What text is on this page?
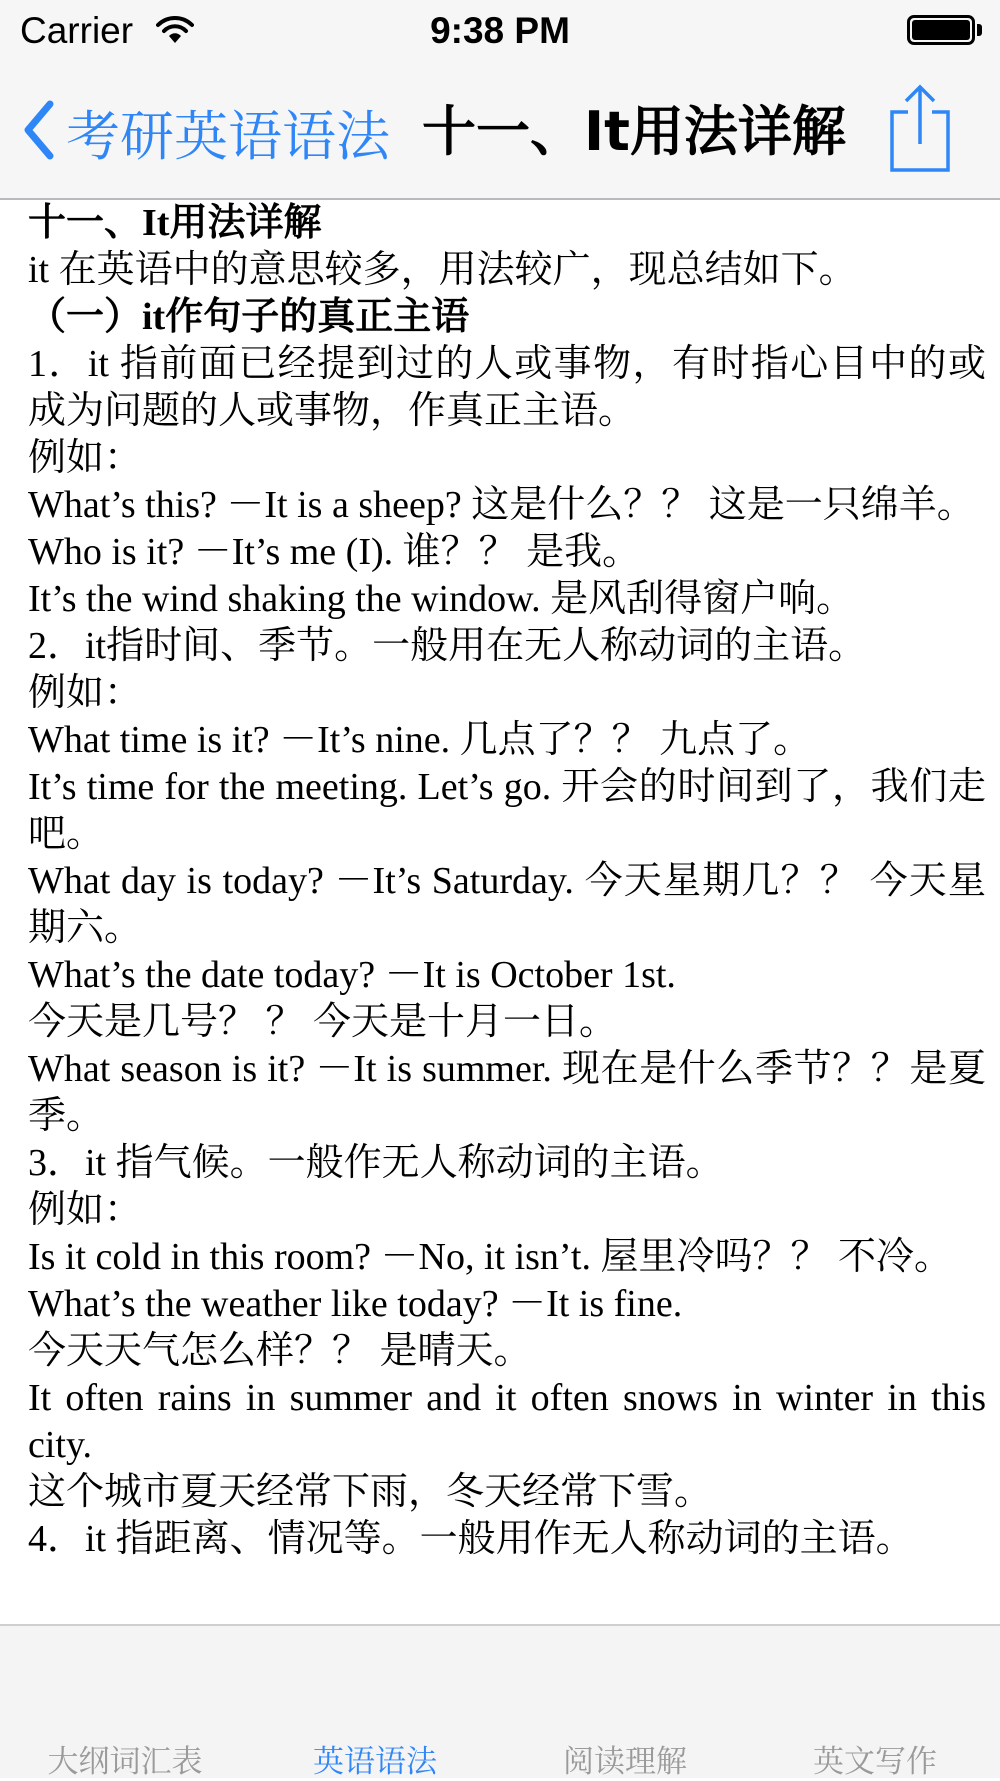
Carrier	9:38 PM
考研英语语法 十一、It用法详解

十一、It用法详解

it 在英语中的意思较多，用法较广，现总结如下。

（一）it作句子的真正主语

1．it 指前面已经提到过的人或事物，有时指心目中的或成为问题的人或事物，作真正主语。

例如：

What’s this? －It is a sheep? 这是什么？？ 这是一只绵羊。

Who is it? －It’s me (I). 谁？？ 是我。

It’s the wind shaking the window. 是风刮得窗户响。

2．it指时间、季节。一般用在无人称动词的主语。

例如：

What time is it? －It’s nine. 几点了？？ 九点了。

It’s time for the meeting. Let’s go. 开会的时间到了，我们走吧。

What day is today? －It’s Saturday. 今天星期几？？ 今天星期六。

What’s the date today? －It is October 1st.

今天是几号？ ？ 今天是十月一日。

What season is it? －It is summer. 现在是什么季节？？是夏季。

3．it 指气候。一般作无人称动词的主语。

例如：

Is it cold in this room? －No, it isn’t. 屋里冷吗？？ 不冷。

What’s the weather like today? －It is fine.

今天天气怎么样？？ 是晴天。

It often rains in summer and it often snows in winter in this city.

这个城市夏天经常下雨，冬天经常下雪。

4．it 指距离、情况等。一般用作无人称动词的主语。

大纲词汇表	英语语法	阅读理解	英文写作
